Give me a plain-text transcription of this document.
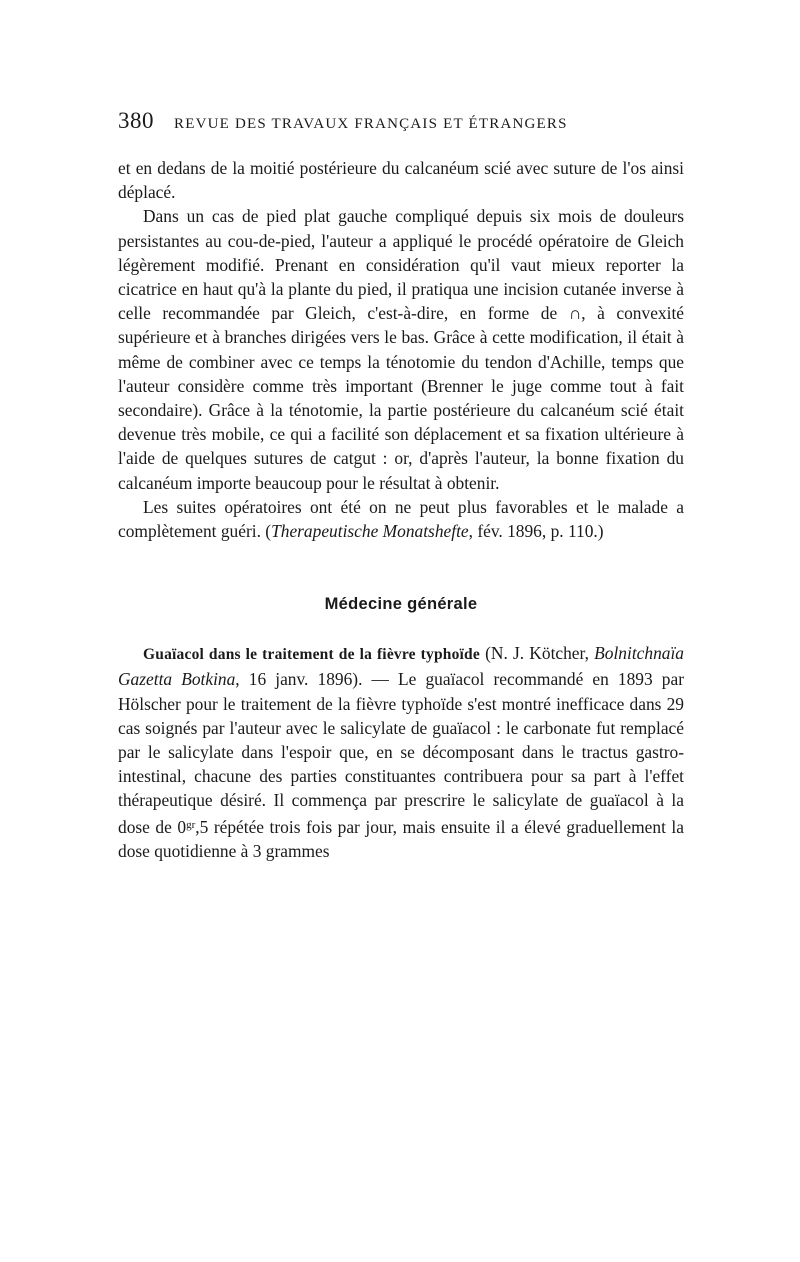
380 REVUE DES TRAVAUX FRANÇAIS ET ÉTRANGERS

et en dedans de la moitié postérieure du calcanéum scié avec suture de l'os ainsi déplacé.

Dans un cas de pied plat gauche compliqué depuis six mois de douleurs persistantes au cou-de-pied, l'auteur a appliqué le procédé opératoire de Gleich légèrement modifié. Prenant en considération qu'il vaut mieux reporter la cicatrice en haut qu'à la plante du pied, il pratiqua une incision cutanée inverse à celle recommandée par Gleich, c'est-à-dire, en forme de ∩, à convexité supérieure et à branches dirigées vers le bas. Grâce à cette modification, il était à même de combiner avec ce temps la ténotomie du tendon d'Achille, temps que l'auteur considère comme très important (Brenner le juge comme tout à fait secondaire). Grâce à la ténotomie, la partie postérieure du calcanéum scié était devenue très mobile, ce qui a facilité son déplacement et sa fixation ultérieure à l'aide de quelques sutures de catgut : or, d'après l'auteur, la bonne fixation du calcanéum importe beaucoup pour le résultat à obtenir.

Les suites opératoires ont été on ne peut plus favorables et le malade a complètement guéri. (Therapeutische Monatshefte, fév. 1896, p. 110.)

Médecine générale

Guaïacol dans le traitement de la fièvre typhoïde (N. J. Kötcher, Bolnitchnaïa Gazetta Botkina, 16 janv. 1896). — Le guaïacol recommandé en 1893 par Hölscher pour le traitement de la fièvre typhoïde s'est montré inefficace dans 29 cas soignés par l'auteur avec le salicylate de guaïacol : le carbonate fut remplacé par le salicylate dans l'espoir que, en se décomposant dans le tractus gastro-intestinal, chacune des parties constituantes contribuera pour sa part à l'effet thérapeutique désiré. Il commença par prescrire le salicylate de guaïacol à la dose de $0^{gr},5$ répétée trois fois par jour, mais ensuite il a élevé graduellement la dose quotidienne à 3 grammes
